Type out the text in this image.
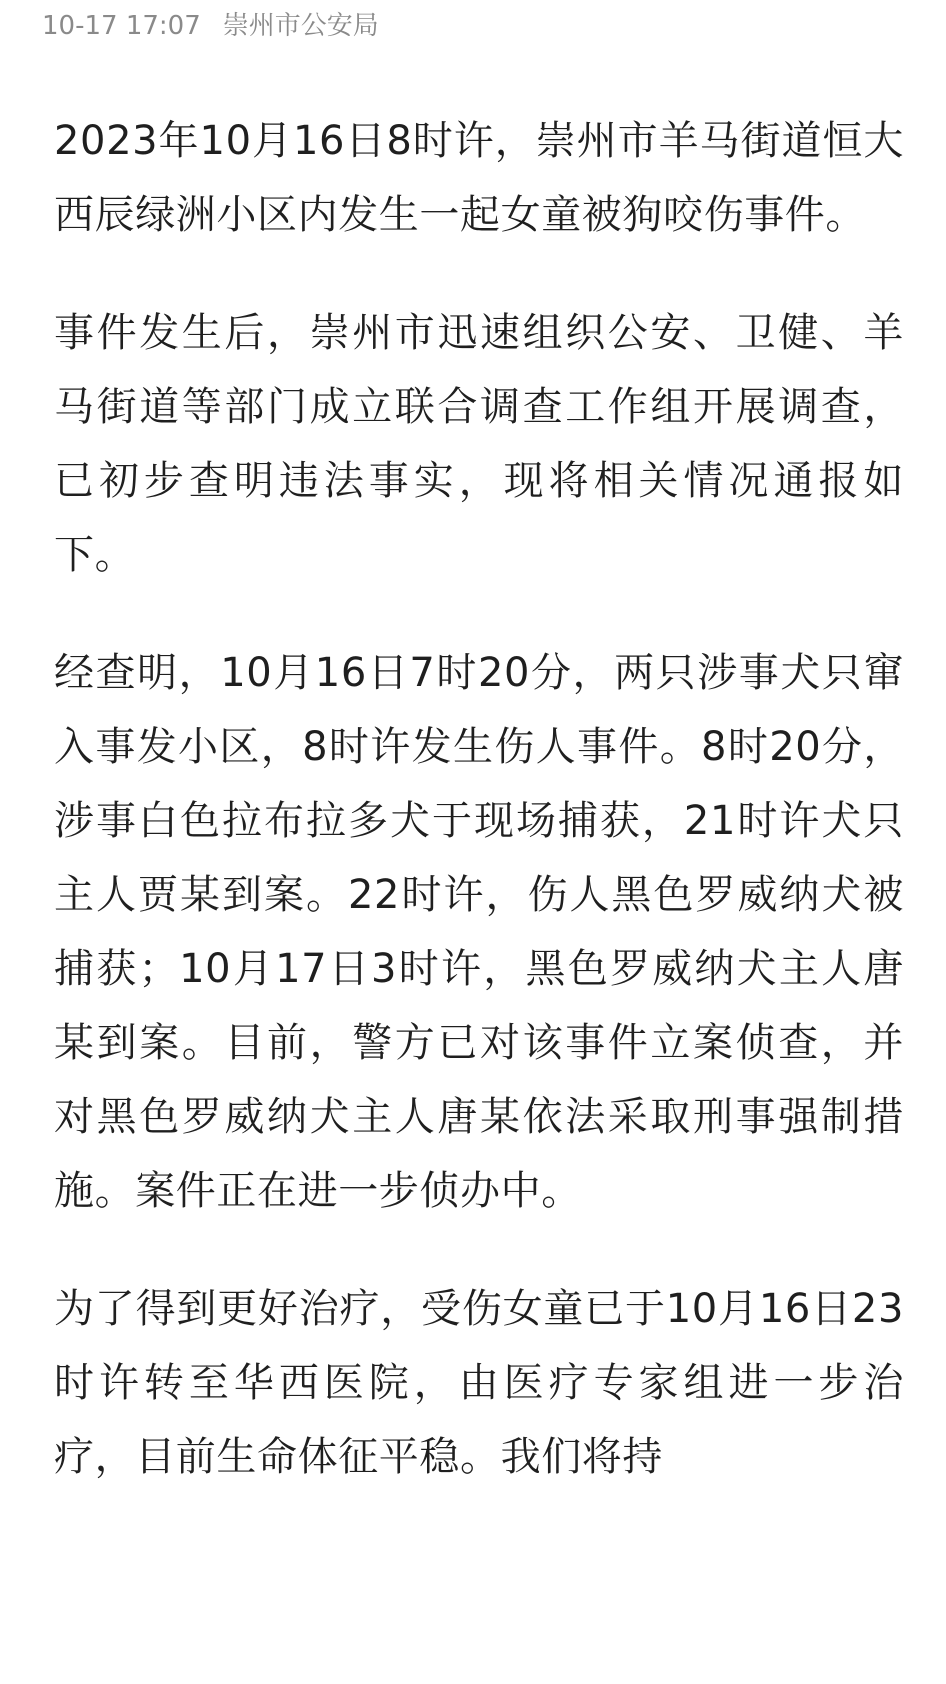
10-17 17:07 崇州市公安局

2023年10月16日8时许，崇州市羊马街道恒大西辰绿洲小区内发生一起女童被狗咬伤事件。

事件发生后，崇州市迅速组织公安、卫健、羊马街道等部门成立联合调查工作组开展调查，已初步查明违法事实，现将相关情况通报如下。

经查明，10月16日7时20分，两只涉事犬只窜入事发小区，8时许发生伤人事件。8时20分，涉事白色拉布拉多犬于现场捕获，21时许犬只主人贾某到案。22时许，伤人黑色罗威纳犬被捕获；10月17日3时许，黑色罗威纳犬主人唐某到案。目前，警方已对该事件立案侦查，并对黑色罗威纳犬主人唐某依法采取刑事强制措施。案件正在进一步侦办中。

为了得到更好治疗，受伤女童已于10月16日23时许转至华西医院，由医疗专家组进一步治疗，目前生命体征平稳。我们将持
